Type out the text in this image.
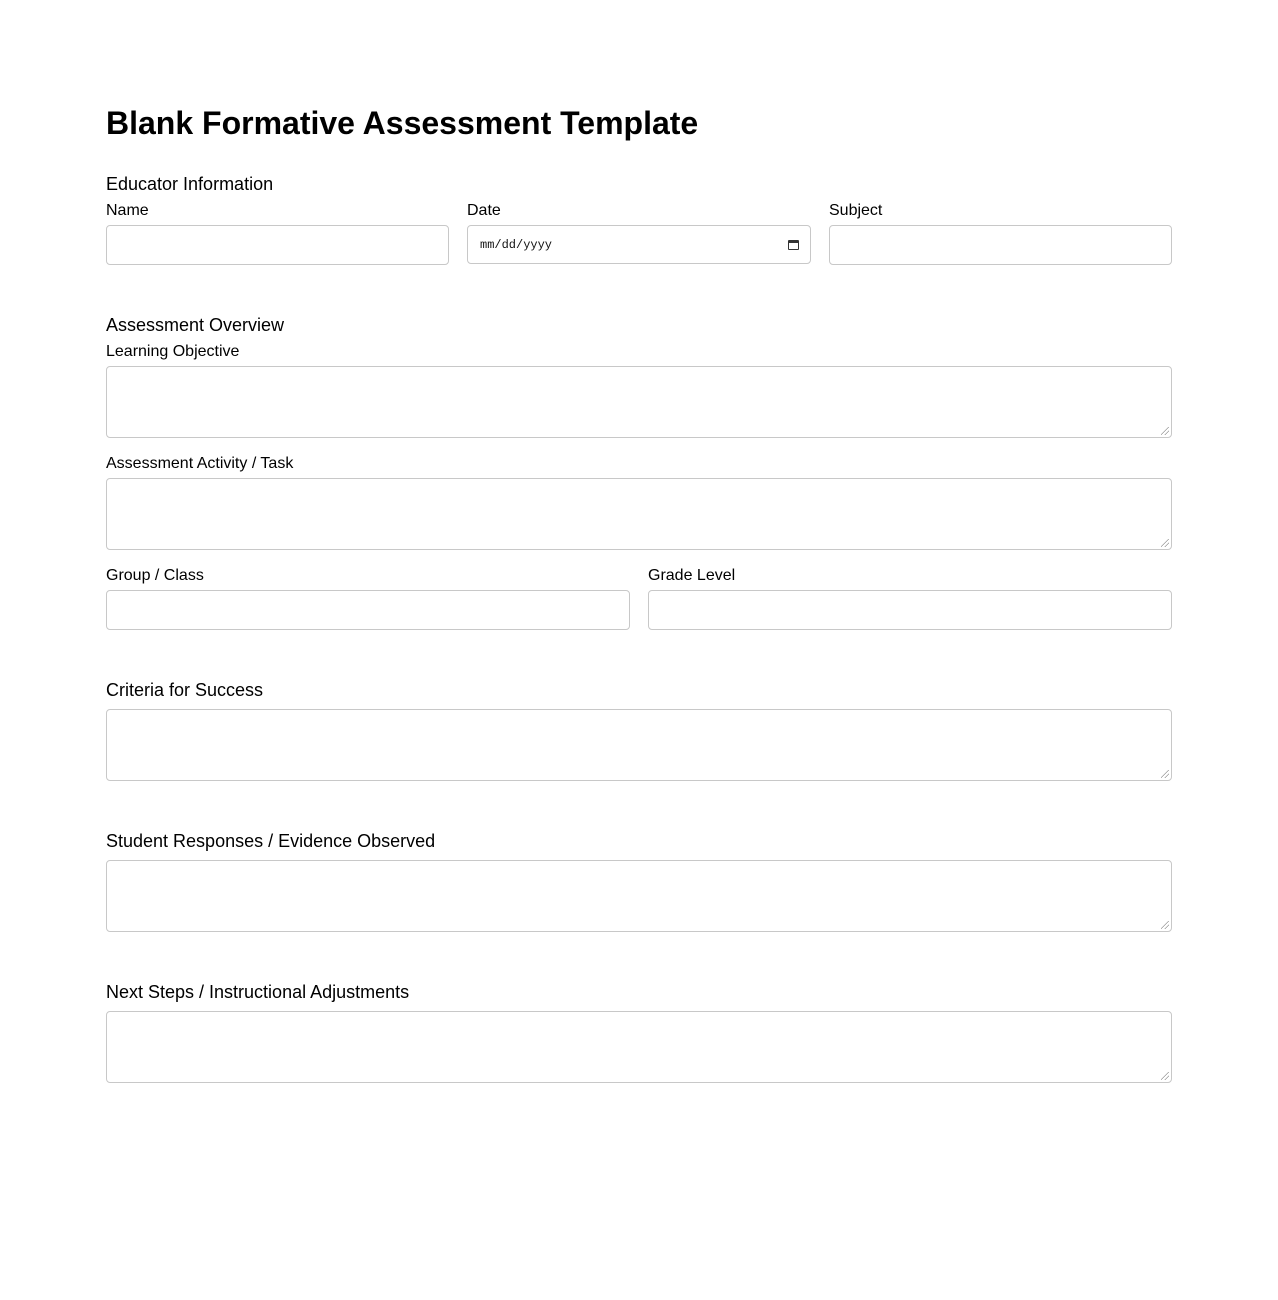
Blank Formative Assessment Template
Educator Information
Name	Date
mm/dd/yyyy
Subject
Assessment Overview
Learning Objective
Assessment Activity / Task
Group / Class	Grade Level
Criteria for Success
Student Responses / Evidence Observed
Next Steps / Instructional Adjustments
